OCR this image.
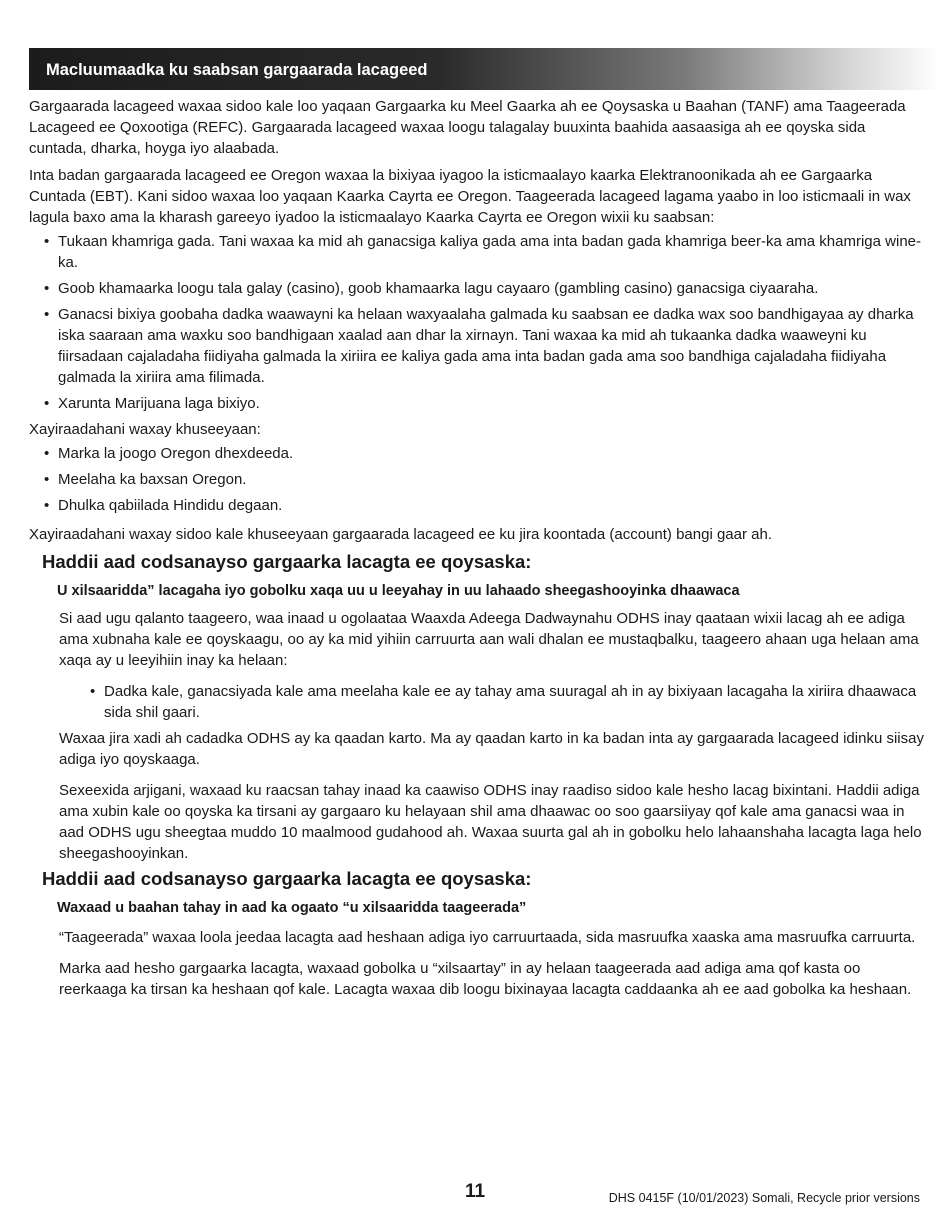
Macluumaadka ku saabsan gargaarada lacageed

Gargaarada lacageed waxaa sidoo kale loo yaqaan Gargaarka ku Meel Gaarka ah ee Qoysaska u Baahan (TANF) ama Taageerada Lacageed ee Qoxootiga (REFC). Gargaarada lacageed waxaa loogu talagalay buuxinta baahida aasaasiga ah ee qoyska sida cuntada, dharka, hoyga iyo alaabada.

Inta badan gargaarada lacageed ee Oregon waxaa la bixiyaa iyagoo la isticmaalayo kaarka Elektranoonikada ah ee Gargaarka Cuntada (EBT). Kani sidoo waxaa loo yaqaan Kaarka Cayrta ee Oregon. Taageerada lacageed lagama yaabo in loo isticmaali in wax lagula baxo ama la kharash gareeyo iyadoo la isticmaalayo Kaarka Cayrta ee Oregon wixii ku saabsan:

• Tukaan khamriga gada. Tani waxaa ka mid ah ganacsiga kaliya gada ama inta badan gada khamriga beer-ka ama khamriga wine-ka.
• Goob khamaarka loogu tala galay (casino), goob khamaarka lagu cayaaro (gambling casino) ganacsiga ciyaaraha.
• Ganacsi bixiya goobaha dadka waawayni ka helaan waxyaalaha galmada ku saabsan ee dadka wax soo bandhigayaa ay dharka iska saaraan ama waxku soo bandhigaan xaalad aan dhar la xirnayn. Tani waxaa ka mid ah tukaanka dadka waaweyni ku fiirsadaan cajaladaha fiidiyaha galmada la xiriira ee kaliya gada ama inta badan gada ama soo bandhiga cajaladaha fiidiyaha galmada la xiriira ama filimada.
• Xarunta Marijuana laga bixiyo.

Xayiraadahani waxay khuseeyaan:

• Marka la joogo Oregon dhexdeeda.
• Meelaha ka baxsan Oregon.
• Dhulka qabiilada Hindidu degaan.

Xayiraadahani waxay sidoo kale khuseeyaan gargaarada lacageed ee ku jira koontada (account) bangi gaar ah.

Haddii aad codsanayso gargaarka lacagta ee qoysaska:
U xilsaaridda” lacagaha iyo gobolku xaqa uu u leeyahay in uu lahaado sheegashooyinka dhaawaca

Si aad ugu qalanto taageero, waa inaad u ogolaataa Waaxda Adeega Dadwaynahu ODHS inay qaataan wixii lacag ah ee adiga ama xubnaha kale ee qoyskaagu, oo ay ka mid yihiin carruurta aan wali dhalan ee mustaqbalku, taageero ahaan uga helaan ama xaqa ay u leeyihiin inay ka helaan:

• Dadka kale, ganacsiyada kale ama meelaha kale ee ay tahay ama suuragal ah in ay bixiyaan lacagaha la xiriira dhaawaca sida shil gaari.

Waxaa jira xadi ah cadadka ODHS ay ka qaadan karto. Ma ay qaadan karto in ka badan inta ay gargaarada lacageed idinku siisay adiga iyo qoyskaaga.

Sexeexida arjigani, waxaad ku raacsan tahay inaad ka caawiso ODHS inay raadiso sidoo kale hesho lacag bixintani. Haddii adiga ama xubin kale oo qoyska ka tirsani ay gargaaro ku helayaan shil ama dhaawac oo soo gaarsiiyay qof kale ama ganacsi waa in aad ODHS ugu sheegtaa muddo 10 maalmood gudahood ah. Waxaa suurta gal ah in gobolku helo lahaanshaha lacagta laga helo sheegashooyinkan.

Haddii aad codsanayso gargaarka lacagta ee qoysaska:
Waxaad u baahan tahay in aad ka ogaato “u xilsaaridda taageerada”

“Taageerada” waxaa loola jeedaa lacagta aad heshaan adiga iyo carruurtaada, sida masruufka xaaska ama masruufka carruurta.

Marka aad hesho gargaarka lacagta, waxaad gobolka u “xilsaartay” in ay helaan taageerada aad adiga ama qof kasta oo reerkaaga ka tirsan ka heshaan qof kale. Lacagta waxaa dib loogu bixinayaa lacagta caddaanka ah ee aad gobolka ka heshaan.

11	DHS 0415F (10/01/2023) Somali, Recycle prior versions
